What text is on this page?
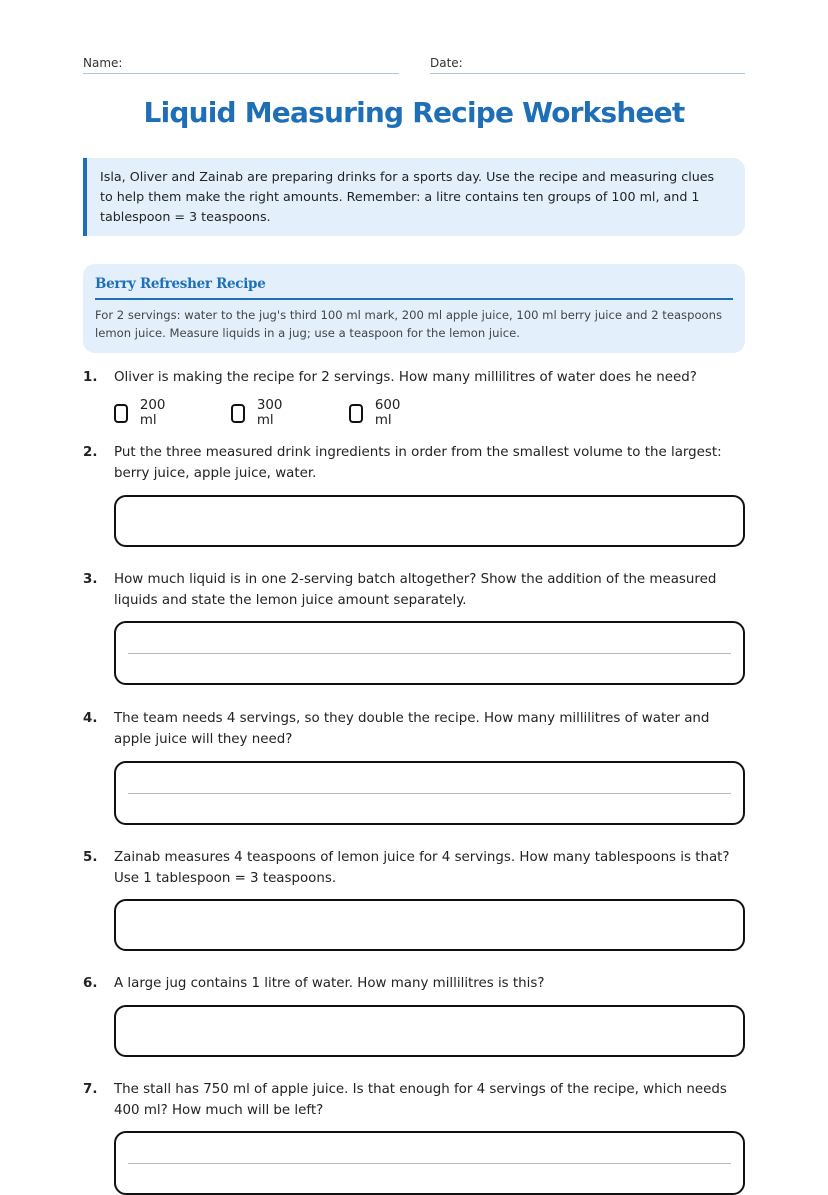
Name:	Date:
Liquid Measuring Recipe Worksheet
Isla, Oliver and Zainab are preparing drinks for a sports day. Use the recipe and measuring clues to help them make the right amounts. Remember: a litre contains ten groups of 100 ml, and 1 tablespoon = 3 teaspoons.
Berry Refresher Recipe
For 2 servings: water to the jug's third 100 ml mark, 200 ml apple juice, 100 ml berry juice and 2 teaspoons lemon juice. Measure liquids in a jug; use a teaspoon for the lemon juice.
1. Oliver is making the recipe for 2 servings. How many millilitres of water does he need?
200 ml
300 ml
600 ml
2. Put the three measured drink ingredients in order from the smallest volume to the largest: berry juice, apple juice, water.
3. How much liquid is in one 2-serving batch altogether? Show the addition of the measured liquids and state the lemon juice amount separately.
4. The team needs 4 servings, so they double the recipe. How many millilitres of water and apple juice will they need?
5. Zainab measures 4 teaspoons of lemon juice for 4 servings. How many tablespoons is that? Use 1 tablespoon = 3 teaspoons.
6. A large jug contains 1 litre of water. How many millilitres is this?
7. The stall has 750 ml of apple juice. Is that enough for 4 servings of the recipe, which needs 400 ml? How much will be left?
